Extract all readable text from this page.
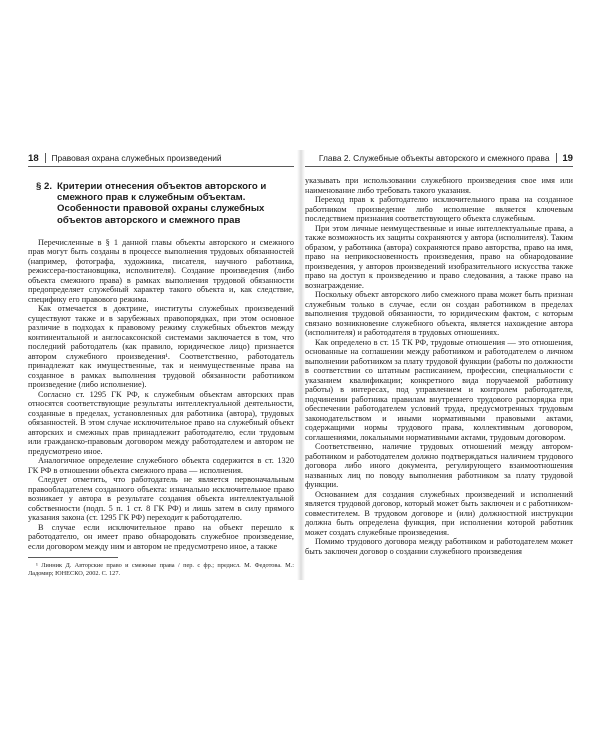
18 Правовая охрана служебных произведений
§ 2. Критерии отнесения объектов авторского и смежного прав к служебным объектам. Особенности правовой охраны служебных объектов авторского и смежного прав

Перечисленные в § 1 данной главы объекты авторского и смежного прав могут быть созданы в процессе выполнения трудовых обязанностей (например, фотографа, художника, писателя, научного работника, режиссера-постановщика, исполнителя). Создание произведения (либо объекта смежного права) в рамках выполнения трудовой обязанности предопределяет служебный характер такого объекта и, как следствие, специфику его правового режима.

Как отмечается в доктрине, институты служебных произведений существуют также и в зарубежных правопорядках, при этом основное различие в подходах к правовому режиму служебных объектов между континентальной и англосаксонской системами заключается в том, что последний работодатель (как правило, юридическое лицо) признается автором служебного произведения¹. Соответственно, работодатель принадлежат как имущественные, так и неимущественные права на созданное в рамках выполнения трудовой обязанности работником произведение (либо исполнение).

Согласно ст. 1295 ГК РФ, к служебным объектам авторских прав относятся соответствующие результаты интеллектуальной деятельности, созданные в пределах, установленных для работника (автора), трудовых обязанностей. В этом случае исключительное право на служебный объект авторских и смежных прав принадлежит работодателю, если трудовым или гражданско-правовым договором между работодателем и автором не предусмотрено иное.

Аналогичное определение служебного объекта содержится в ст. 1320 ГК РФ в отношении объекта смежного права — исполнения.

Следует отметить, что работодатель не является первоначальным правообладателем созданного объекта: изначально исключительное право возникает у автора в результате создания объекта интеллектуальной собственности (подп. 5 п. 1 ст. 8 ГК РФ) и лишь затем в силу прямого указания закона (ст. 1295 ГК РФ) переходит к работодателю.

В случае если исключительное право на объект перешло к работодателю, он имеет право обнародовать служебное произведение, если договором между ним и автором не предусмотрено иное, а также

¹ Линник Д. Авторские право и смежные права / пер. с фр.; предисл. М. Федотова. М.: Ладомир; ЮНЕСКО, 2002. С. 127.
Глава 2. Служебные объекты авторского и смежного права 19

указывать при использовании служебного произведения свое имя или наименование либо требовать такого указания.

Переход прав к работодателю исключительного права на созданное работником произведение либо исполнение является ключевым последствием признания соответствующего объекта служебным.

При этом личные неимущественные и иные интеллектуальные права, а также возможность их защиты сохраняются у автора (исполнителя). Таким образом, у работника (автора) сохраняются право авторства, право на имя, право на неприкосновенность произведения, право на обнародование произведения, у авторов произведений изобразительного искусства также право на доступ к произведению и право следования, а также право на вознаграждение.

Поскольку объект авторского либо смежного права может быть признан служебным только в случае, если он создан работником в пределах выполнения трудовой обязанности, то юридическим фактом, с которым связано возникновение служебного объекта, является нахождение автора (исполнителя) и работодателя в трудовых отношениях.

Как определено в ст. 15 ТК РФ, трудовые отношения — это отношения, основанные на соглашении между работником и работодателем о личном выполнении работником за плату трудовой функции (работы по должности в соответствии со штатным расписанием, профессии, специальности с указанием квалификации; конкретного вида поручаемой работнику работы) в интересах, под управлением и контролем работодателя, подчинении работника правилам внутреннего трудового распорядка при обеспечении работодателем условий труда, предусмотренных трудовым законодательством и иными нормативными правовыми актами, содержащими нормы трудового права, коллективным договором, соглашениями, локальными нормативными актами, трудовым договором.

Соответственно, наличие трудовых отношений между автором-работником и работодателем должно подтверждаться наличием трудового договора либо иного документа, регулирующего взаимоотношения названных лиц по поводу выполнения работником за плату трудовой функции.

Основанием для создания служебных произведений и исполнений является трудовой договор, который может быть заключен и с работником-совместителем. В трудовом договоре и (или) должностной инструкции должна быть определена функция, при исполнении которой работник может создать служебные произведения.

Помимо трудового договора между работником и работодателем может быть заключен договор о создании служебного произведения
